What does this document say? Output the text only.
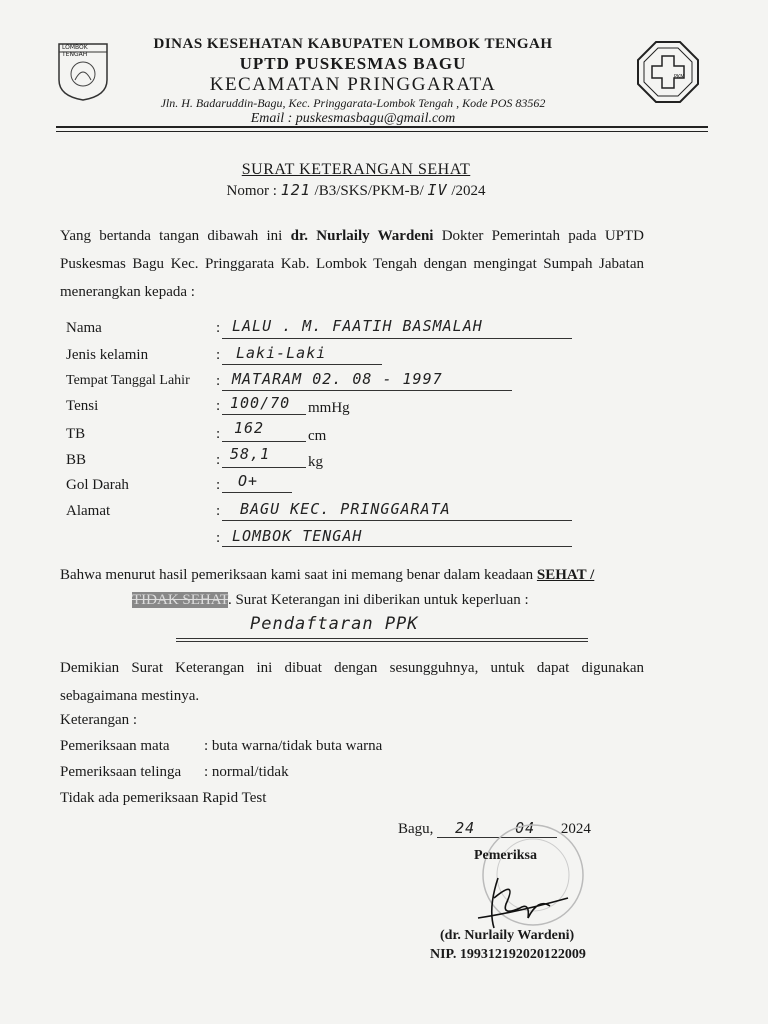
LOMBOK TENGAH
DINAS KESEHATAN KABUPATEN LOMBOK TENGAH
UPTD PUSKESMAS BAGU
KECAMATAN PRINGGARATA
Jln. H. Badaruddin-Bagu, Kec. Pringgarata-Lombok Tengah , Kode POS 83562
Email : puskesmasbagu@gmail.com
PKM
SURAT KETERANGAN SEHAT
Nomor : 121 /B3/SKS/PKM-B/ IV /2024
Yang bertanda tangan dibawah ini dr. Nurlaily Wardeni Dokter Pemerintah pada UPTD Puskesmas Bagu Kec. Pringgarata Kab. Lombok Tengah dengan mengingat Sumpah Jabatan menerangkan kepada :
Nama	: LALU . M. FAATIH BASMALAH
Jenis kelamin	: Laki-Laki
Tempat Tanggal Lahir : MATARAM 02. 08 - 1997
Tensi	: 100/70 mmHg
TB	: 162	cm
BB	: 58,1	kg
Gol Darah	: O+
Alamat	: BAGU KEC. PRINGGARATA
: LOMBOK TENGAH
Bahwa menurut hasil pemeriksaan kami saat ini memang benar dalam keadaan SEHAT /
TIDAK SEHAT. Surat Keterangan ini diberikan untuk keperluan :
Pendaftaran PPK
Demikian Surat Keterangan ini dibuat dengan sesungguhnya, untuk dapat digunakan sebagaimana mestinya.
Keterangan :
Pemeriksaan mata : buta warna/tidak buta warna
Pemeriksaan telinga : normal/tidak
Tidak ada pemeriksaan Rapid Test
Bagu, 24	04 2024
Pemeriksa
(dr. Nurlaily Wardeni)
NIP. 199312192020122009
